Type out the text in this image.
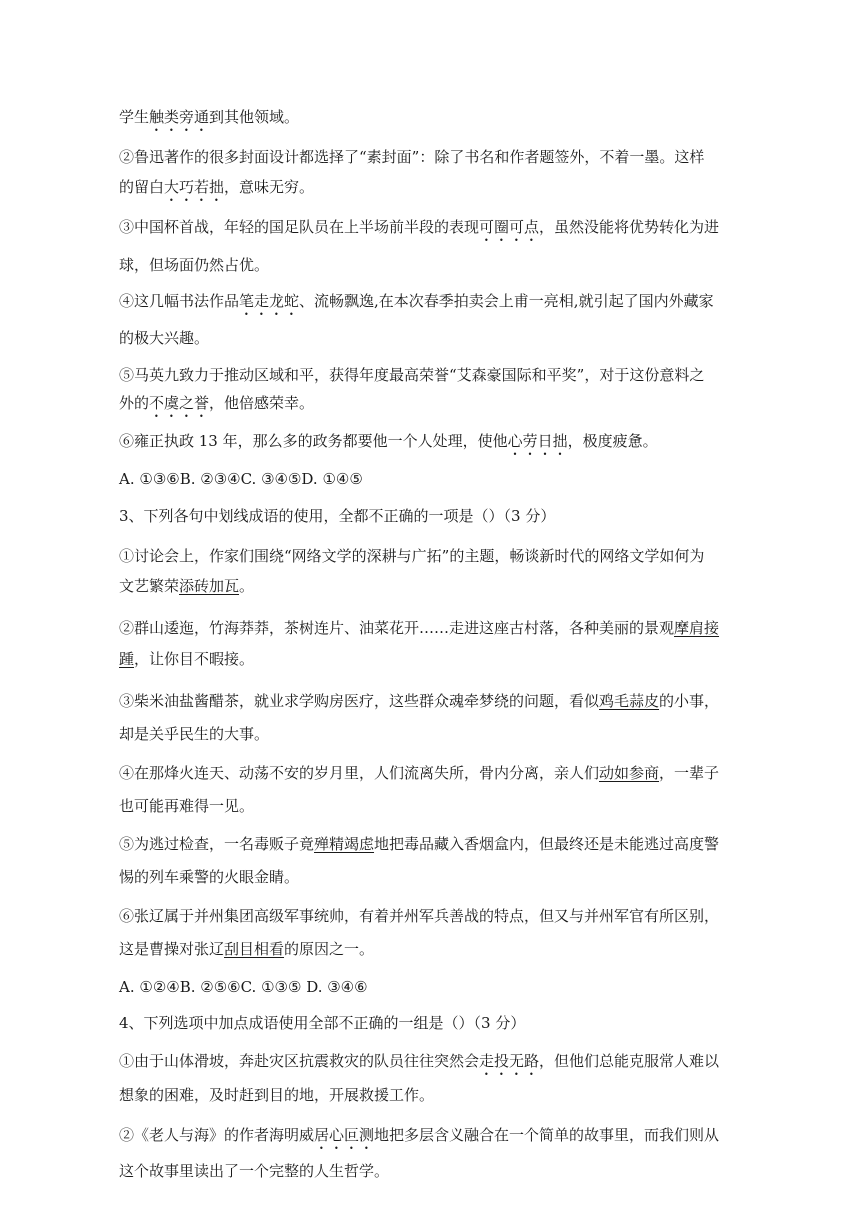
学生触类旁通到其他领域。
②鲁迅著作的很多封面设计都选择了“素封面”：除了书名和作者题签外，不着一墨。这样
的留白大巧若拙，意味无穷。
③中国杯首战，年轻的国足队员在上半场前半段的表现可圈可点，虽然没能将优势转化为进
球，但场面仍然占优。
④这几幅书法作品笔走龙蛇、流畅飘逸,在本次春季拍卖会上甫一亮相,就引起了国内外藏家
的极大兴趣。
⑤马英九致力于推动区域和平，获得年度最高荣誉“艾森豪国际和平奖”，对于这份意料之
外的不虞之誉，他倍感荣幸。
⑥雍正执政 13 年，那么多的政务都要他一个人处理，使他心劳日拙，极度疲惫。
A. ①③⑥B. ②③④C. ③④⑤D. ①④⑤
3、下列各句中划线成语的使用，全都不正确的一项是（）（3 分）
①讨论会上，作家们围绕“网络文学的深耕与广拓”的主题，畅谈新时代的网络文学如何为
文艺繁荣添砖加瓦。
②群山逶迤，竹海莽莽，茶树连片、油菜花开……走进这座古村落，各种美丽的景观摩肩接
踵，让你目不暇接。
③柴米油盐酱醋茶，就业求学购房医疗，这些群众魂牵梦绕的问题，看似鸡毛蒜皮的小事，
却是关乎民生的大事。
④在那烽火连天、动荡不安的岁月里，人们流离失所，骨内分离，亲人们动如参商，一辈子
也可能再难得一见。
⑤为逃过检查，一名毒贩子竟殚精竭虑地把毒品藏入香烟盒内，但最终还是未能逃过高度警
惕的列车乘警的火眼金睛。
⑥张辽属于并州集团高级军事统帅，有着并州军兵善战的特点，但又与并州军官有所区别，
这是曹操对张辽刮目相看的原因之一。
A. ①②④B. ②⑤⑥C. ①③⑤ D. ③④⑥
4、下列选项中加点成语使用全部不正确的一组是（）（3 分）
①由于山体滑坡，奔赴灾区抗震救灾的队员往往突然会走投无路，但他们总能克服常人难以
想象的困难，及时赶到目的地，开展救援工作。
②《老人与海》的作者海明威居心叵测地把多层含义融合在一个简单的故事里，而我们则从
这个故事里读出了一个完整的人生哲学。
